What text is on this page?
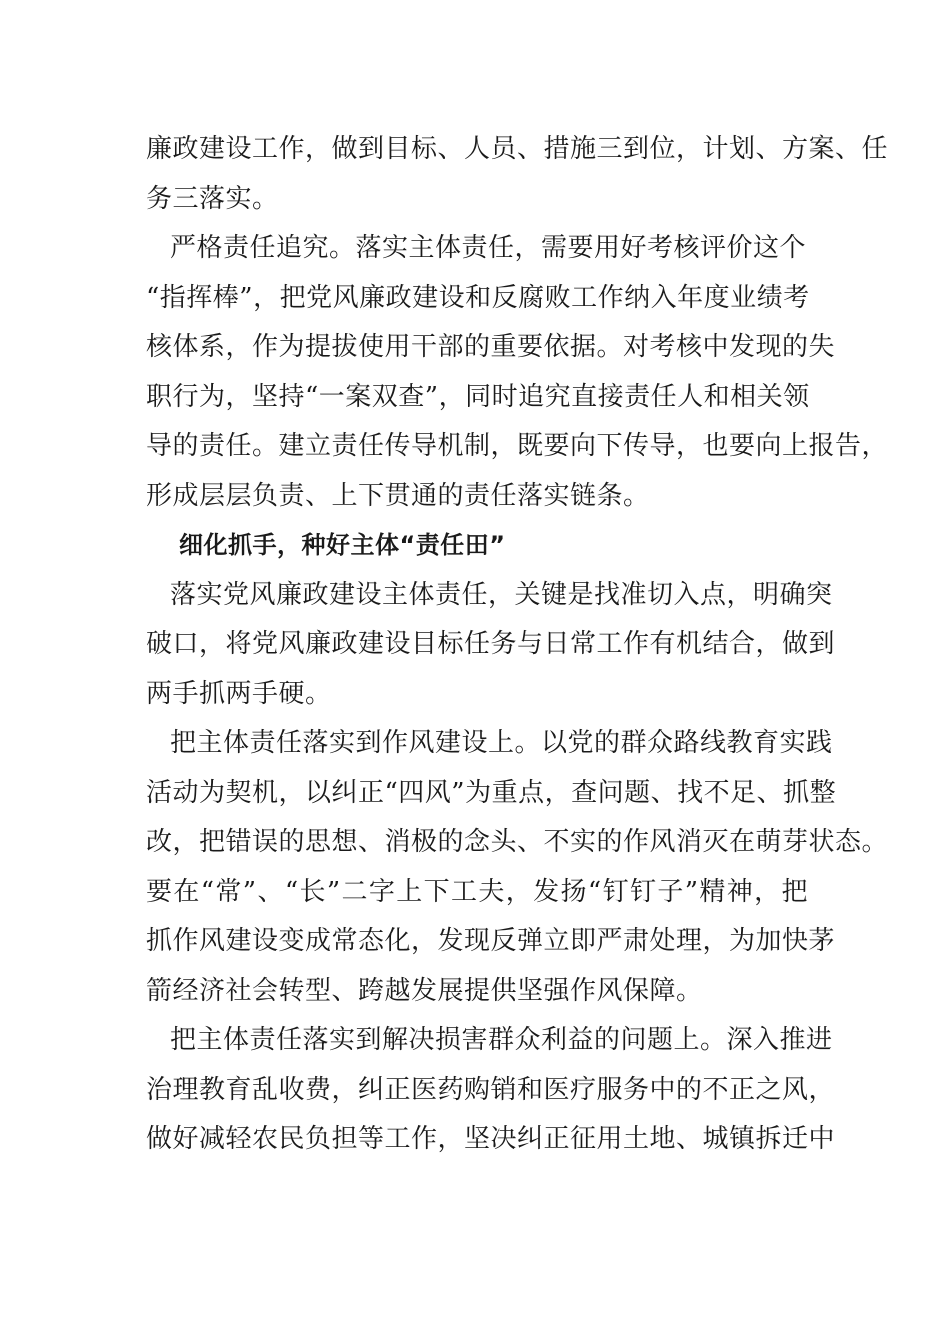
廉政建设工作，做到目标、人员、措施三到位，计划、方案、任
务三落实。
严格责任追究。落实主体责任，需要用好考核评价这个
“指挥棒”，把党风廉政建设和反腐败工作纳入年度业绩考
核体系，作为提拔使用干部的重要依据。对考核中发现的失
职行为，坚持“一案双查”，同时追究直接责任人和相关领
导的责任。建立责任传导机制，既要向下传导，也要向上报告，
形成层层负责、上下贯通的责任落实链条。
细化抓手，种好主体“责任田”
落实党风廉政建设主体责任，关键是找准切入点，明确突
破口，将党风廉政建设目标任务与日常工作有机结合，做到
两手抓两手硬。
把主体责任落实到作风建设上。以党的群众路线教育实践
活动为契机，以纠正“四风”为重点，查问题、找不足、抓整
改，把错误的思想、消极的念头、不实的作风消灭在萌芽状态。
要在“常”、“长”二字上下工夫，发扬“钉钉子”精神，把
抓作风建设变成常态化，发现反弹立即严肃处理，为加快茅
箭经济社会转型、跨越发展提供坚强作风保障。
把主体责任落实到解决损害群众利益的问题上。深入推进
治理教育乱收费，纠正医药购销和医疗服务中的不正之风，
做好减轻农民负担等工作，坚决纠正征用土地、城镇拆迁中
